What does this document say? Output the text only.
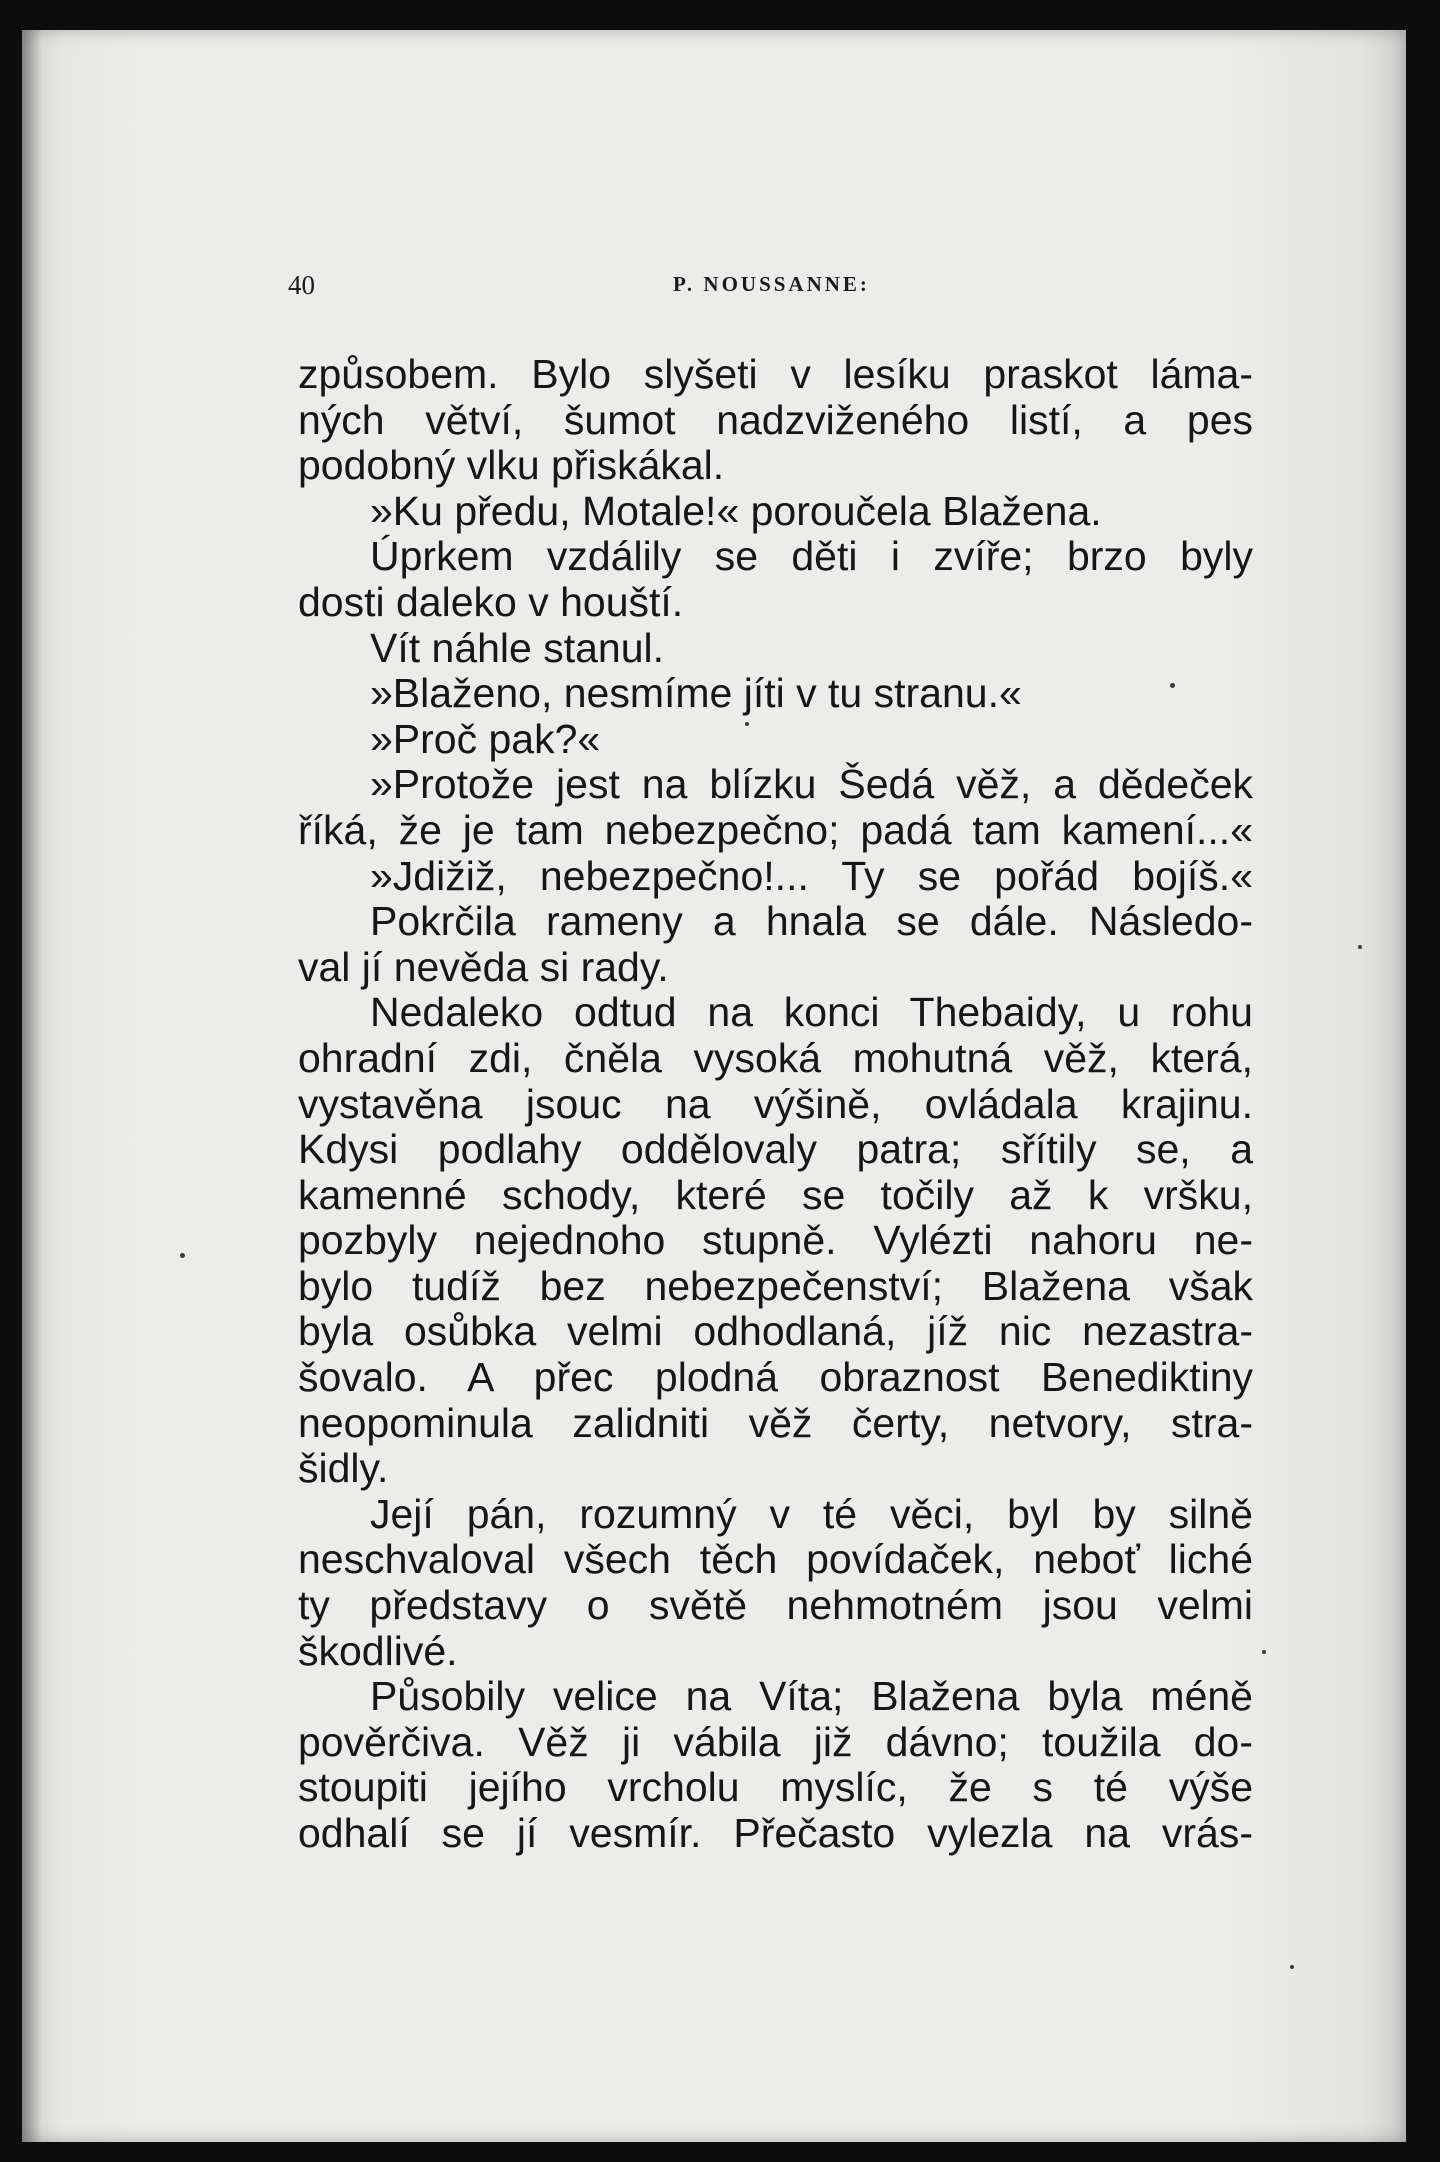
40	P. NOUSSANNE:
způsobem. Bylo slyšeti v lesíku praskot láma-
ných větví, šumot nadzviženého listí, a pes
podobný vlku přiskákal.
»Ku předu, Motale!« poroučela Blažena.
Úprkem vzdálily se děti i zvíře; brzo byly
dosti daleko v houští.
Vít náhle stanul.
»Blaženo, nesmíme jíti v tu stranu.«
»Proč pak?«
»Protože jest na blízku Šedá věž, a dědeček
říká, že je tam nebezpečno; padá tam kamení...«
»Jdižiž, nebezpečno!... Ty se pořád bojíš.«
Pokrčila rameny a hnala se dále. Následo-
val jí nevěda si rady.
Nedaleko odtud na konci Thebaidy, u rohu
ohradní zdi, čněla vysoká mohutná věž, která,
vystavěna jsouc na výšině, ovládala krajinu.
Kdysi podlahy oddělovaly patra; sřítily se, a
kamenné schody, které se točily až k vršku,
pozbyly nejednoho stupně. Vylézti nahoru ne-
bylo tudíž bez nebezpečenství; Blažena však
byla osůbka velmi odhodlaná, jíž nic nezastra-
šovalo. A přec plodná obraznost Benediktiny
neopominula zalidniti věž čerty, netvory, stra-
šidly.
Její pán, rozumný v té věci, byl by silně
neschvaloval všech těch povídaček, neboť liché
ty představy o světě nehmotném jsou velmi
škodlivé.
Působily velice na Víta; Blažena byla méně
pověrčiva. Věž ji vábila již dávno; toužila do-
stoupiti jejího vrcholu myslíc, že s té výše
odhalí se jí vesmír. Přečasto vylezla na vrás-
